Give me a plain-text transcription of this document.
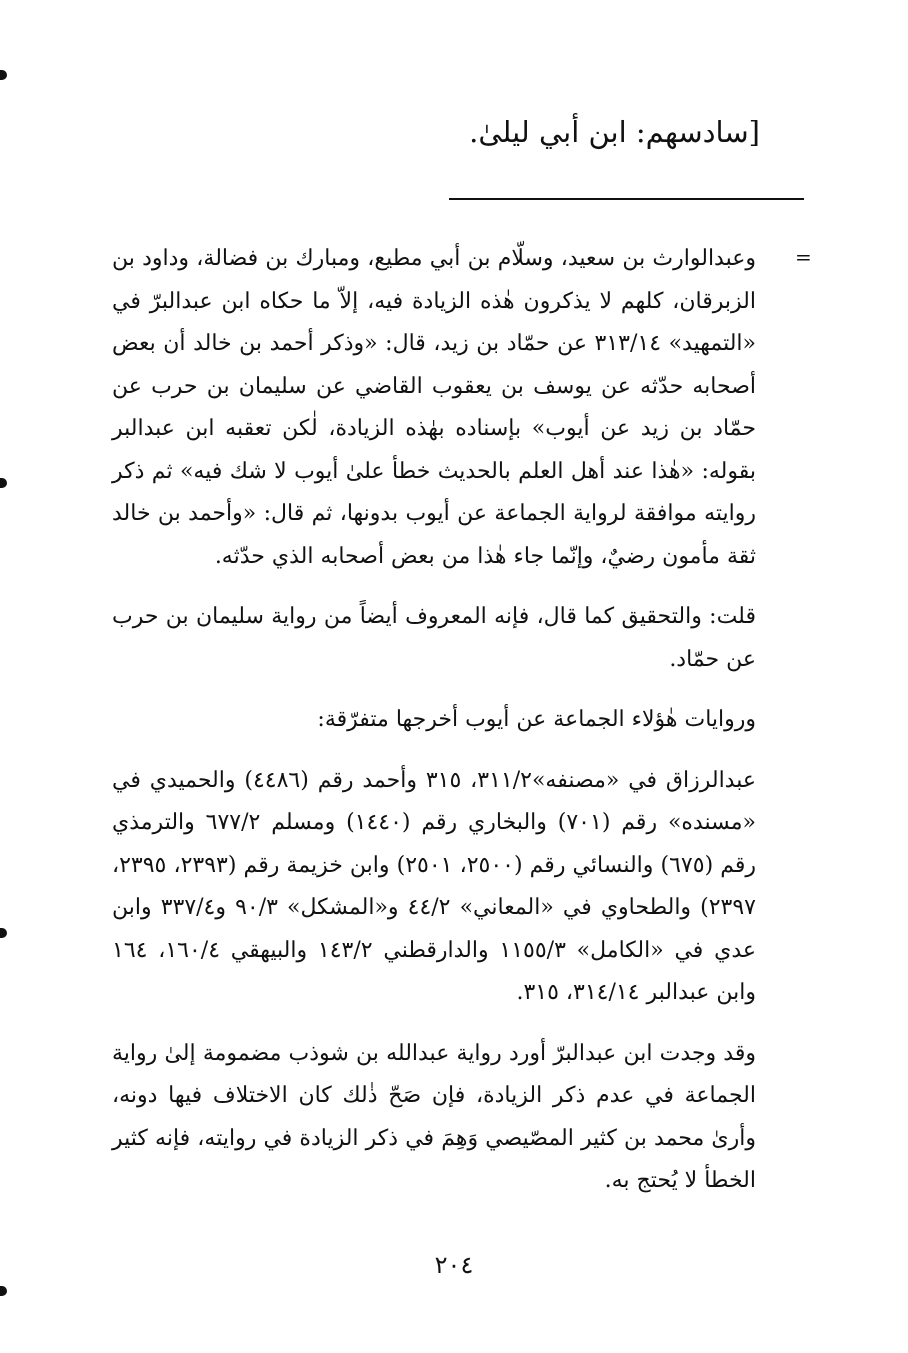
[سادسهم: ابن أبي ليلىٰ.
=

وعبدالوارث بن سعيد، وسلّام بن أبي مطيع، ومبارك بن فضالة، وداود بن الزبرقان، كلهم لا يذكرون هٰذه الزيادة فيه، إلاّ ما حكاه ابن عبدالبرّ في «التمهيد» ٣١٣/١٤ عن حمّاد بن زيد، قال: «وذكر أحمد بن خالد أن بعض أصحابه حدّثه عن يوسف بن يعقوب القاضي عن سليمان بن حرب عن حمّاد بن زيد عن أيوب» بإسناده بهٰذه الزيادة، لٰكن تعقبه ابن عبدالبر بقوله: «هٰذا عند أهل العلم بالحديث خطأ علىٰ أيوب لا شك فيه» ثم ذكر روايته موافقة لرواية الجماعة عن أيوب بدونها، ثم قال: «وأحمد بن خالد ثقة مأمون رضيٌ، وإنّما جاء هٰذا من بعض أصحابه الذي حدّثه.

قلت: والتحقيق كما قال، فإنه المعروف أيضاً من رواية سليمان بن حرب عن حمّاد.

وروايات هٰؤلاء الجماعة عن أيوب أخرجها متفرّقة:

عبدالرزاق في «مصنفه»٣١١/٢، ٣١٥ وأحمد رقم (٤٤٨٦) والحميدي في «مسنده» رقم (٧٠١) والبخاري رقم (١٤٤٠) ومسلم ٦٧٧/٢ والترمذي رقم (٦٧٥) والنسائي رقم (٢٥٠٠، ٢٥٠١) وابن خزيمة رقم (٢٣٩٣، ٢٣٩٥، ٢٣٩٧) والطحاوي في «المعاني» ٤٤/٢ و«المشكل» ٩٠/٣ و٣٣٧/٤ وابن عدي في «الكامل» ١١٥٥/٣ والدارقطني ١٤٣/٢ والبيهقي ١٦٠/٤، ١٦٤ وابن عبدالبر ٣١٤/١٤، ٣١٥.

وقد وجدت ابن عبدالبرّ أورد رواية عبدالله بن شوذب مضمومة إلىٰ رواية الجماعة في عدم ذكر الزيادة، فإن صَحّ ذٰلك كان الاختلاف فيها دونه، وأرىٰ محمد بن كثير المصّيصي وَهِمَ في ذكر الزيادة في روايته، فإنه كثير الخطأ لا يُحتج به.

٢٠٤
